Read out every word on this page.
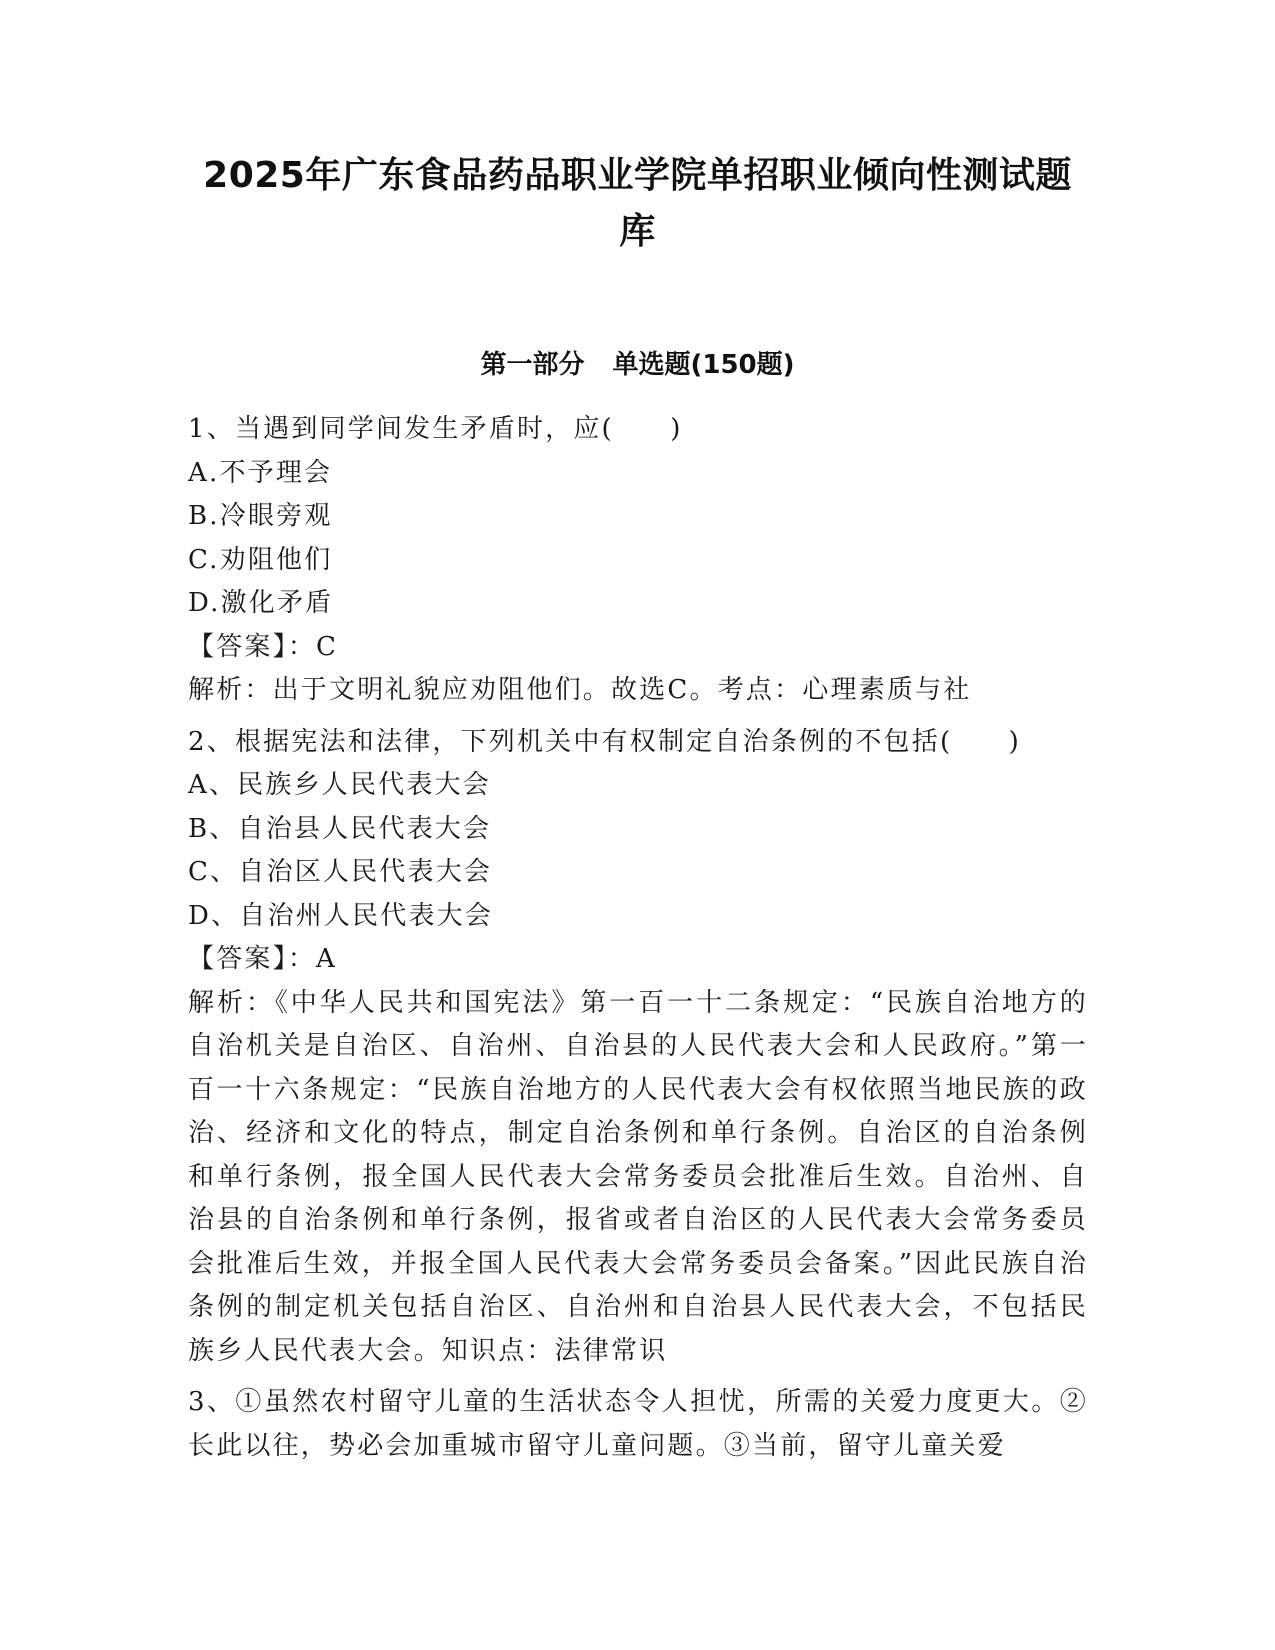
2025年广东食品药品职业学院单招职业倾向性测试题库
第一部分 单选题(150题)

1、当遇到同学间发生矛盾时，应(　　)

A.不予理会

B.冷眼旁观

C.劝阻他们

D.激化矛盾

【答案】：C

解析：出于文明礼貌应劝阻他们。故选C。考点：心理素质与社

2、根据宪法和法律，下列机关中有权制定自治条例的不包括(　　)

A、民族乡人民代表大会

B、自治县人民代表大会

C、自治区人民代表大会

D、自治州人民代表大会

【答案】：A

解析：《中华人民共和国宪法》第一百一十二条规定：“民族自治地方的自治机关是自治区、自治州、自治县的人民代表大会和人民政府。”第一百一十六条规定：“民族自治地方的人民代表大会有权依照当地民族的政治、经济和文化的特点，制定自治条例和单行条例。自治区的自治条例和单行条例，报全国人民代表大会常务委员会批准后生效。自治州、自治县的自治条例和单行条例，报省或者自治区的人民代表大会常务委员会批准后生效，并报全国人民代表大会常务委员会备案。”因此民族自治条例的制定机关包括自治区、自治州和自治县人民代表大会，不包括民族乡人民代表大会。知识点：法律常识

3、①虽然农村留守儿童的生活状态令人担忧，所需的关爱力度更大。②长此以往，势必会加重城市留守儿童问题。③当前，留守儿童关爱
